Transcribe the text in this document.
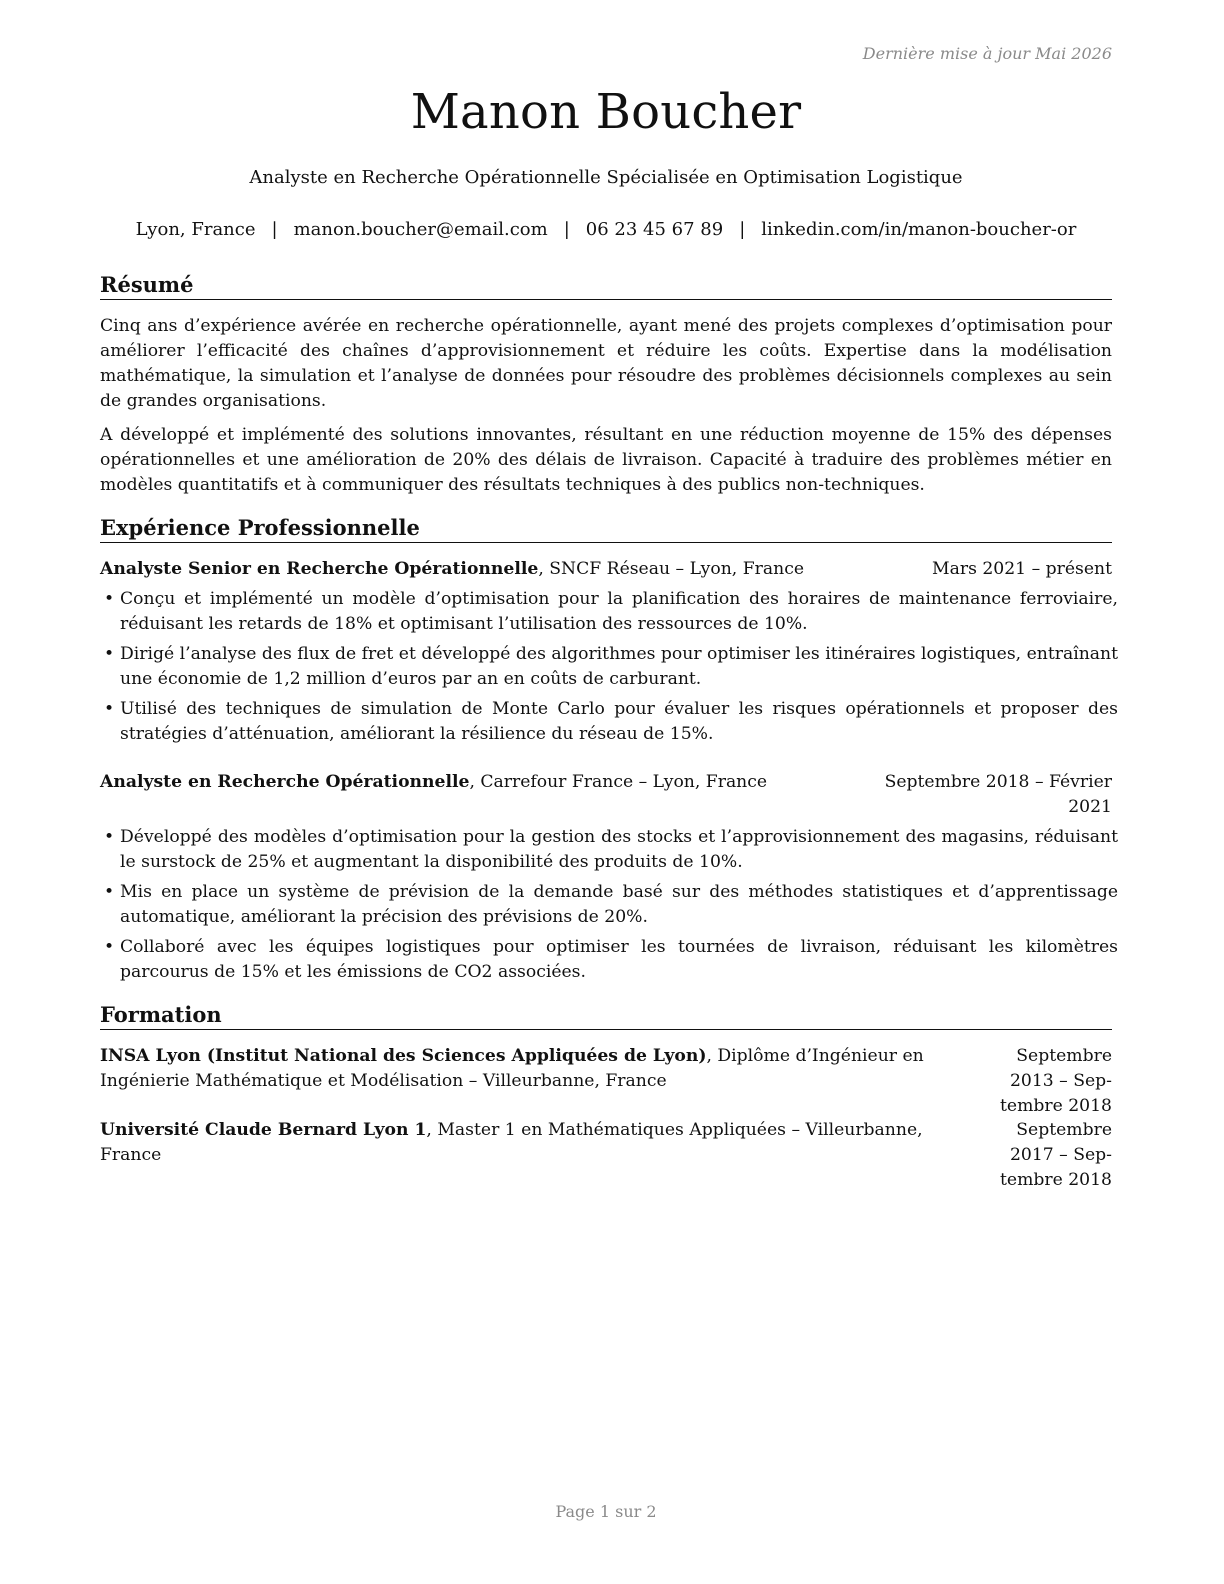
Dernière mise à jour Mai 2026
Manon Boucher
Analyste en Recherche Opérationnelle Spécialisée en Optimisation Logistique
Lyon, France | manon.boucher@email.com | 06 23 45 67 89 | linkedin.com/in/manon-boucher-or
Résumé
Cinq ans d’expérience avérée en recherche opérationnelle, ayant mené des projets complexes d’optimisation pour améliorer l’efficacité des chaînes d’approvisionnement et réduire les coûts. Expertise dans la modélisation mathématique, la simulation et l’analyse de données pour résoudre des problèmes décisionnels complexes au sein de grandes organisations.
A développé et implémenté des solutions innovantes, résultant en une réduction moyenne de 15% des dépenses opérationnelles et une amélioration de 20% des délais de livraison. Capacité à traduire des problèmes métier en modèles quantitatifs et à communiquer des résultats techniques à des publics non-techniques.
Expérience Professionnelle
Analyste Senior en Recherche Opérationnelle, SNCF Réseau – Lyon, France	Mars 2021 – présent
• Conçu et implémenté un modèle d’optimisation pour la planification des horaires de maintenance ferroviaire, réduisant les retards de 18% et optimisant l’utilisation des ressources de 10%.
• Dirigé l’analyse des flux de fret et développé des algorithmes pour optimiser les itinéraires logistiques, entraînant une économie de 1,2 million d’euros par an en coûts de carburant.
• Utilisé des techniques de simulation de Monte Carlo pour évaluer les risques opérationnels et proposer des stratégies d’atténuation, améliorant la résilience du réseau de 15%.
Analyste en Recherche Opérationnelle, Carrefour France – Lyon, France	Septembre 2018 – Février
2021
• Développé des modèles d’optimisation pour la gestion des stocks et l’approvisionnement des magasins, réduisant le surstock de 25% et augmentant la disponibilité des produits de 10%.
• Mis en place un système de prévision de la demande basé sur des méthodes statistiques et d’apprentissage automatique, améliorant la précision des prévisions de 20%.
• Collaboré avec les équipes logistiques pour optimiser les tournées de livraison, réduisant les kilomètres parcourus de 15% et les émissions de CO2 associées.
Formation
INSA Lyon (Institut National des Sciences Appliquées de Lyon), Diplôme d’Ingénieur en Ingénierie Mathématique et Modélisation – Villeurbanne, France
Septembre 2013 – Sep-
tembre 2018
Université Claude Bernard Lyon 1, Master 1 en Mathématiques Appliquées – Villeurbanne, France
Septembre 2017 – Sep-
tembre 2018
Page 1 sur 2
